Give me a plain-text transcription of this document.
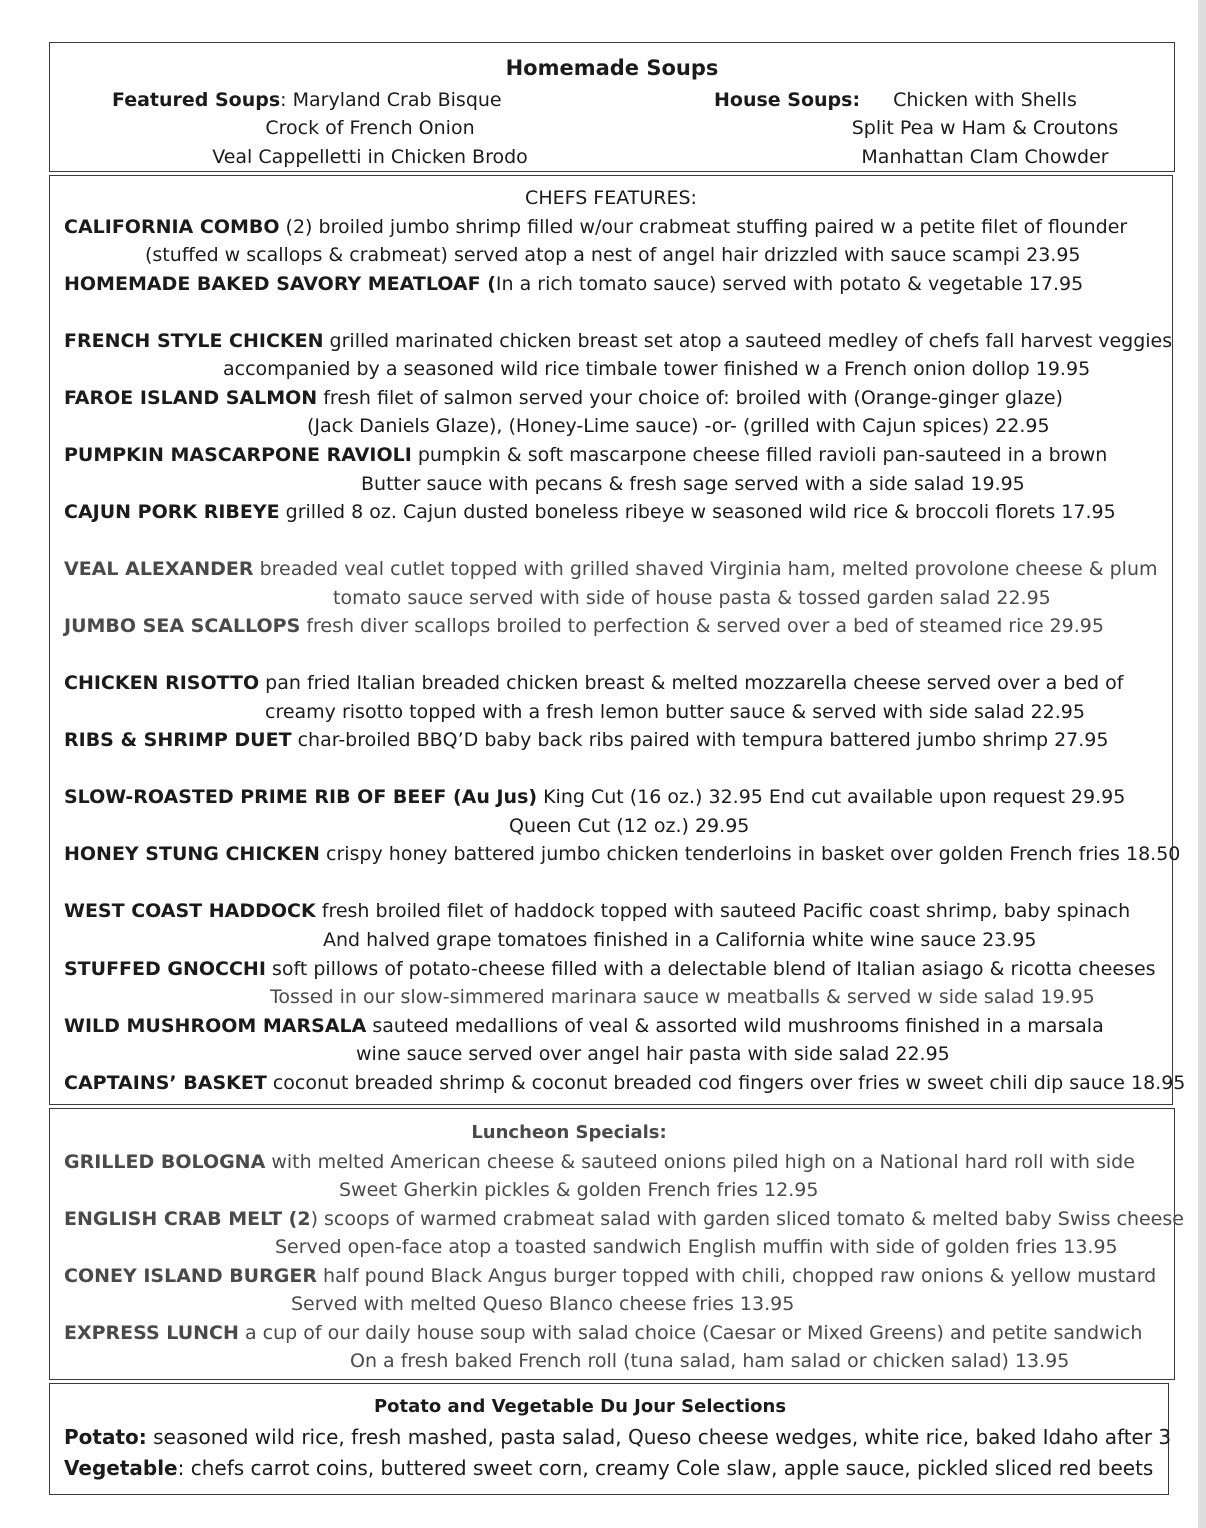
Homemade Soups
Featured Soups: Maryland Crab Bisque
Crock of French Onion
Veal Cappelletti in Chicken Brodo
House Soups:	Chicken with Shells
Split Pea w Ham & Croutons
Manhattan Clam Chowder
CHEFS FEATURES:
CALIFORNIA COMBO (2) broiled jumbo shrimp filled w/our crabmeat stuffing paired w a petite filet of flounder
(stuffed w scallops & crabmeat) served atop a nest of angel hair drizzled with sauce scampi 23.95
HOMEMADE BAKED SAVORY MEATLOAF (In a rich tomato sauce) served with potato & vegetable 17.95
FRENCH STYLE CHICKEN grilled marinated chicken breast set atop a sauteed medley of chefs fall harvest veggies
accompanied by a seasoned wild rice timbale tower finished w a French onion dollop 19.95
FAROE ISLAND SALMON fresh filet of salmon served your choice of: broiled with (Orange-ginger glaze)
(Jack Daniels Glaze), (Honey-Lime sauce) -or- (grilled with Cajun spices) 22.95
PUMPKIN MASCARPONE RAVIOLI pumpkin & soft mascarpone cheese filled ravioli pan-sauteed in a brown
Butter sauce with pecans & fresh sage served with a side salad 19.95
CAJUN PORK RIBEYE grilled 8 oz. Cajun dusted boneless ribeye w seasoned wild rice & broccoli florets 17.95
VEAL ALEXANDER breaded veal cutlet topped with grilled shaved Virginia ham, melted provolone cheese & plum
tomato sauce served with side of house pasta & tossed garden salad 22.95
JUMBO SEA SCALLOPS fresh diver scallops broiled to perfection & served over a bed of steamed rice 29.95
CHICKEN RISOTTO pan fried Italian breaded chicken breast & melted mozzarella cheese served over a bed of
creamy risotto topped with a fresh lemon butter sauce & served with side salad 22.95
RIBS & SHRIMP DUET char-broiled BBQ’D baby back ribs paired with tempura battered jumbo shrimp 27.95
SLOW-ROASTED PRIME RIB OF BEEF (Au Jus) King Cut (16 oz.) 32.95 End cut available upon request 29.95
Queen Cut (12 oz.) 29.95
HONEY STUNG CHICKEN crispy honey battered jumbo chicken tenderloins in basket over golden French fries 18.50
WEST COAST HADDOCK fresh broiled filet of haddock topped with sauteed Pacific coast shrimp, baby spinach
And halved grape tomatoes finished in a California white wine sauce 23.95
STUFFED GNOCCHI soft pillows of potato-cheese filled with a delectable blend of Italian asiago & ricotta cheeses
Tossed in our slow-simmered marinara sauce w meatballs & served w side salad 19.95
WILD MUSHROOM MARSALA sauteed medallions of veal & assorted wild mushrooms finished in a marsala
wine sauce served over angel hair pasta with side salad 22.95
CAPTAINS’ BASKET coconut breaded shrimp & coconut breaded cod fingers over fries w sweet chili dip sauce 18.95
Luncheon Specials:
GRILLED BOLOGNA with melted American cheese & sauteed onions piled high on a National hard roll with side
Sweet Gherkin pickles & golden French fries 12.95
ENGLISH CRAB MELT (2) scoops of warmed crabmeat salad with garden sliced tomato & melted baby Swiss cheese
Served open-face atop a toasted sandwich English muffin with side of golden fries 13.95
CONEY ISLAND BURGER half pound Black Angus burger topped with chili, chopped raw onions & yellow mustard
Served with melted Queso Blanco cheese fries 13.95
EXPRESS LUNCH a cup of our daily house soup with salad choice (Caesar or Mixed Greens) and petite sandwich
On a fresh baked French roll (tuna salad, ham salad or chicken salad) 13.95
Potato and Vegetable Du Jour Selections
Potato: seasoned wild rice, fresh mashed, pasta salad, Queso cheese wedges, white rice, baked Idaho after 3
Vegetable: chefs carrot coins, buttered sweet corn, creamy Cole slaw, apple sauce, pickled sliced red beets
